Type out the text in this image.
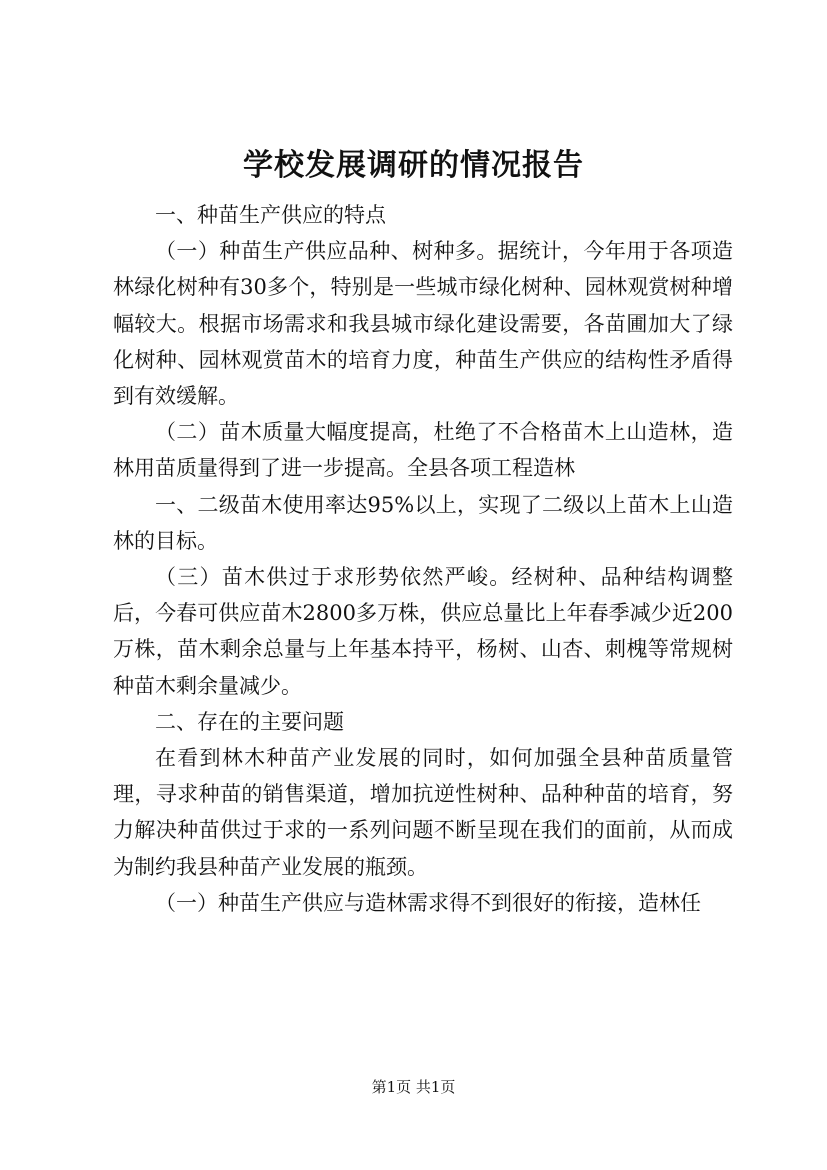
学校发展调研的情况报告

一、种苗生产供应的特点

（一）种苗生产供应品种、树种多。据统计，今年用于各项造林绿化树种有30多个，特别是一些城市绿化树种、园林观赏树种增幅较大。根据市场需求和我县城市绿化建设需要，各苗圃加大了绿化树种、园林观赏苗木的培育力度，种苗生产供应的结构性矛盾得到有效缓解。

（二）苗木质量大幅度提高，杜绝了不合格苗木上山造林，造林用苗质量得到了进一步提高。全县各项工程造林

一、二级苗木使用率达95%以上，实现了二级以上苗木上山造林的目标。

（三）苗木供过于求形势依然严峻。经树种、品种结构调整后，今春可供应苗木2800多万株，供应总量比上年春季减少近200万株，苗木剩余总量与上年基本持平，杨树、山杏、刺槐等常规树种苗木剩余量减少。

二、存在的主要问题

在看到林木种苗产业发展的同时，如何加强全县种苗质量管理，寻求种苗的销售渠道，增加抗逆性树种、品种种苗的培育，努力解决种苗供过于求的一系列问题不断呈现在我们的面前，从而成为制约我县种苗产业发展的瓶颈。

（一）种苗生产供应与造林需求得不到很好的衔接，造林任

第1页 共1页
